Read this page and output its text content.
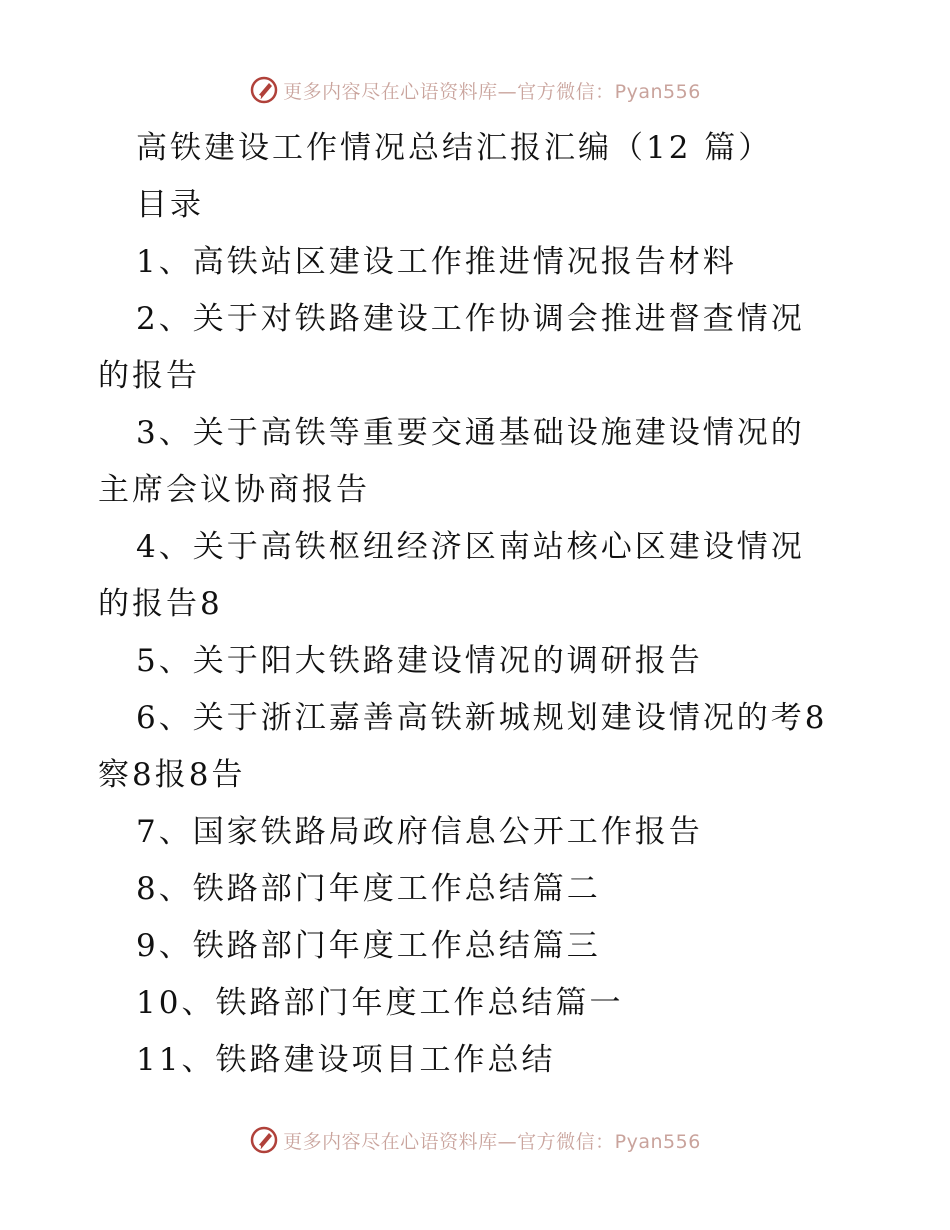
更多内容尽在心语资料库—官方微信：Pyan556

高铁建设工作情况总结汇报汇编（12 篇）

目录

1、高铁站区建设工作推进情况报告材料

2、关于对铁路建设工作协调会推进督查情况的报告

3、关于高铁等重要交通基础设施建设情况的主席会议协商报告

4、关于高铁枢纽经济区南站核心区建设情况的报告8

5、关于阳大铁路建设情况的调研报告

6、关于浙江嘉善高铁新城规划建设情况的考8察8报8告

7、国家铁路局政府信息公开工作报告

8、铁路部门年度工作总结篇二

9、铁路部门年度工作总结篇三

10、铁路部门年度工作总结篇一

11、铁路建设项目工作总结

更多内容尽在心语资料库—官方微信：Pyan556
